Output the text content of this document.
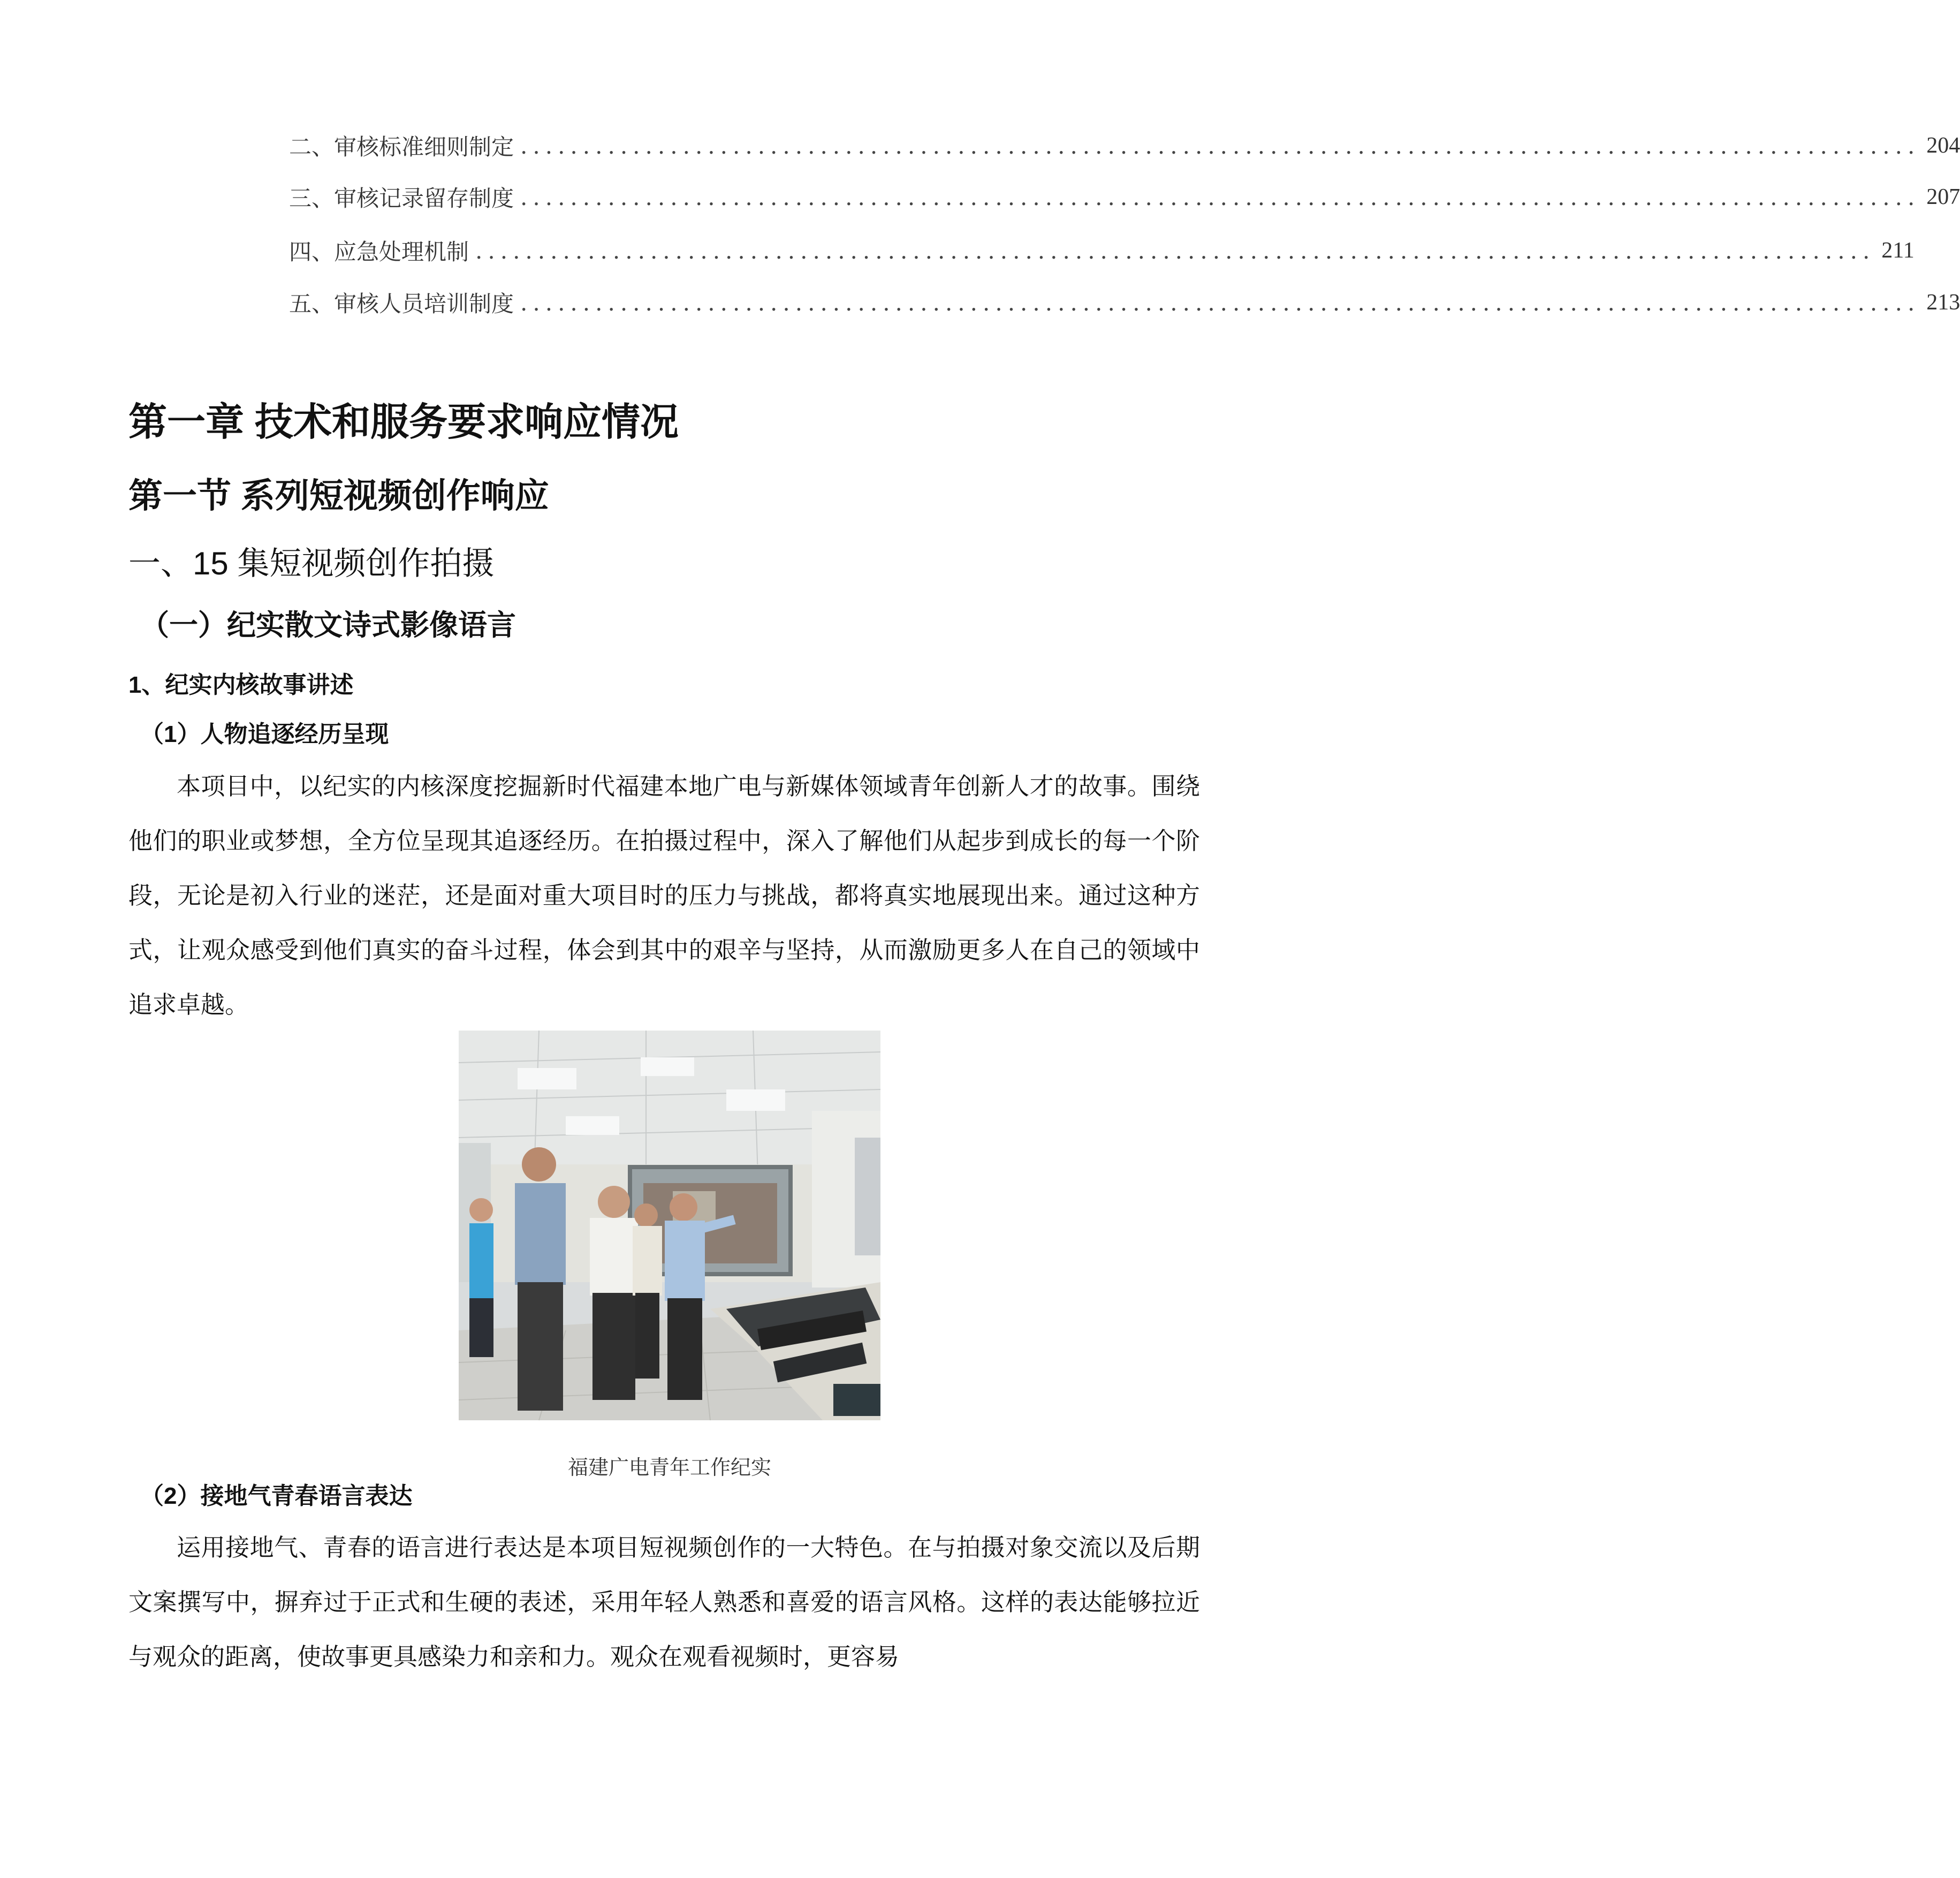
二、 审核标准细则制定 ................................................................................................................ 204
三、 审核记录留存制度 ................................................................................................................ 207
四、 应急处理机制 ................................................................................................................ 211
五、 审核人员培训制度 ................................................................................................................ 213
第一章 技术和服务要求响应情况
第一节 系列短视频创作响应
一、15 集短视频创作拍摄
（一）纪实散文诗式影像语言
1、纪实内核故事讲述
（1）人物追逐经历呈现

本项目中，以纪实的内核深度挖掘新时代福建本地广电与新媒体领域青年创新人才的故事。围绕他们的职业或梦想，全方位呈现其追逐经历。在拍摄过程中，深入了解他们从起步到成长的每一个阶段，无论是初入行业的迷茫，还是面对重大项目时的压力与挑战，都将真实地展现出来。通过这种方式，让观众感受到他们真实的奋斗过程，体会到其中的艰辛与坚持，从而激励更多人在自己的领域中追求卓越。

福建广电青年工作纪实
（2）接地气青春语言表达

运用接地气、青春的语言进行表达是本项目短视频创作的一大特色。在与拍摄对象交流以及后期文案撰写中，摒弃过于正式和生硬的表述，采用年轻人熟悉和喜爱的语言风格。这样的表达能够拉近与观众的距离，使故事更具感染力和亲和力。观众在观看视频时，更容易
